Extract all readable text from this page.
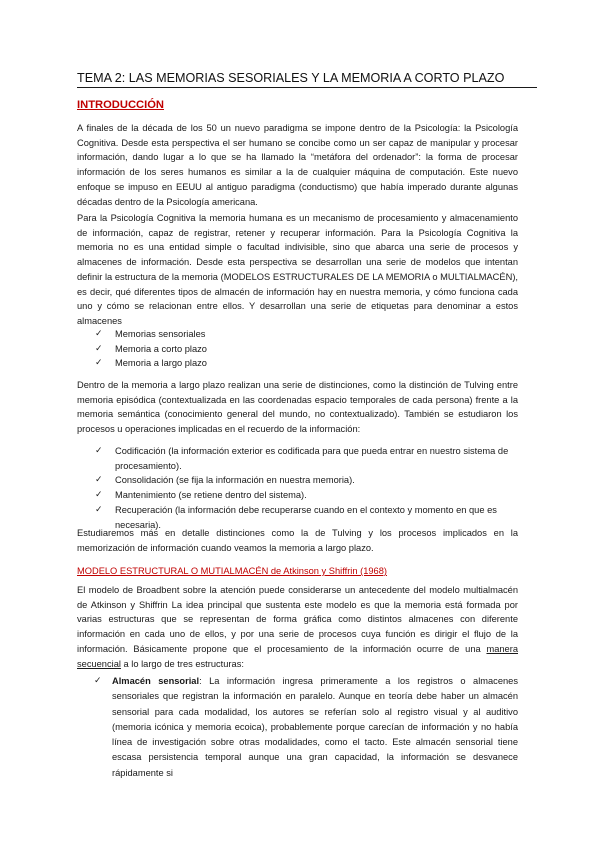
TEMA 2: LAS MEMORIAS SESORIALES Y LA MEMORIA A CORTO PLAZO
INTRODUCCIÓN

A finales de la década de los 50 un nuevo paradigma se impone dentro de la Psicología: la Psicología Cognitiva. Desde esta perspectiva el ser humano se concibe como un ser capaz de manipular y procesar información, dando lugar a lo que se ha llamado la “metáfora del ordenador”: la forma de procesar información de los seres humanos es similar a la de cualquier máquina de computación. Este nuevo enfoque se impuso en EEUU al antiguo paradigma (conductismo) que había imperado durante algunas décadas dentro de la Psicología americana.

Para la Psicología Cognitiva la memoria humana es un mecanismo de procesamiento y almacenamiento de información, capaz de registrar, retener y recuperar información. Para la Psicología Cognitiva la memoria no es una entidad simple o facultad indivisible, sino que abarca una serie de procesos y almacenes de información. Desde esta perspectiva se desarrollan una serie de modelos que intentan definir la estructura de la memoria (MODELOS ESTRUCTURALES DE LA MEMORIA o MULTIALMACÉN), es decir, qué diferentes tipos de almacén de información hay en nuestra memoria, y cómo funciona cada uno y cómo se relacionan entre ellos. Y desarrollan una serie de etiquetas para denominar a estos almacenes

✓ Memorias sensoriales
✓ Memoria a corto plazo
✓ Memoria a largo plazo

Dentro de la memoria a largo plazo realizan una serie de distinciones, como la distinción de Tulving entre memoria episódica (contextualizada en las coordenadas espacio temporales de cada persona) frente a la memoria semántica (conocimiento general del mundo, no contextualizado). También se estudiaron los procesos u operaciones implicadas en el recuerdo de la información:

✓ Codificación (la información exterior es codificada para que pueda entrar en nuestro sistema de procesamiento).
✓ Consolidación (se fija la información en nuestra memoria).
✓ Mantenimiento (se retiene dentro del sistema).
✓ Recuperación (la información debe recuperarse cuando en el contexto y momento en que es necesaria).

Estudiaremos más en detalle distinciones como la de Tulving y los procesos implicados en la memorización de información cuando veamos la memoria a largo plazo.

MODELO ESTRUCTURAL O MUTIALMACÉN de Atkinson y Shiffrin (1968)

El modelo de Broadbent sobre la atención puede considerarse un antecedente del modelo multialmacén de Atkinson y Shiffrin La idea principal que sustenta este modelo es que la memoria está formada por varias estructuras que se representan de forma gráfica como distintos almacenes con diferente información en cada uno de ellos, y por una serie de procesos cuya función es dirigir el flujo de la información. Básicamente propone que el procesamiento de la información ocurre de una manera secuencial a lo largo de tres estructuras:

✓ Almacén sensorial: La información ingresa primeramente a los registros o almacenes sensoriales que registran la información en paralelo. Aunque en teoría debe haber un almacén sensorial para cada modalidad, los autores se referían solo al registro visual y al auditivo (memoria icónica y memoria ecoica), probablemente porque carecían de información y no había línea de investigación sobre otras modalidades, como el tacto. Este almacén sensorial tiene escasa persistencia temporal aunque una gran capacidad, la información se desvanece rápidamente si
